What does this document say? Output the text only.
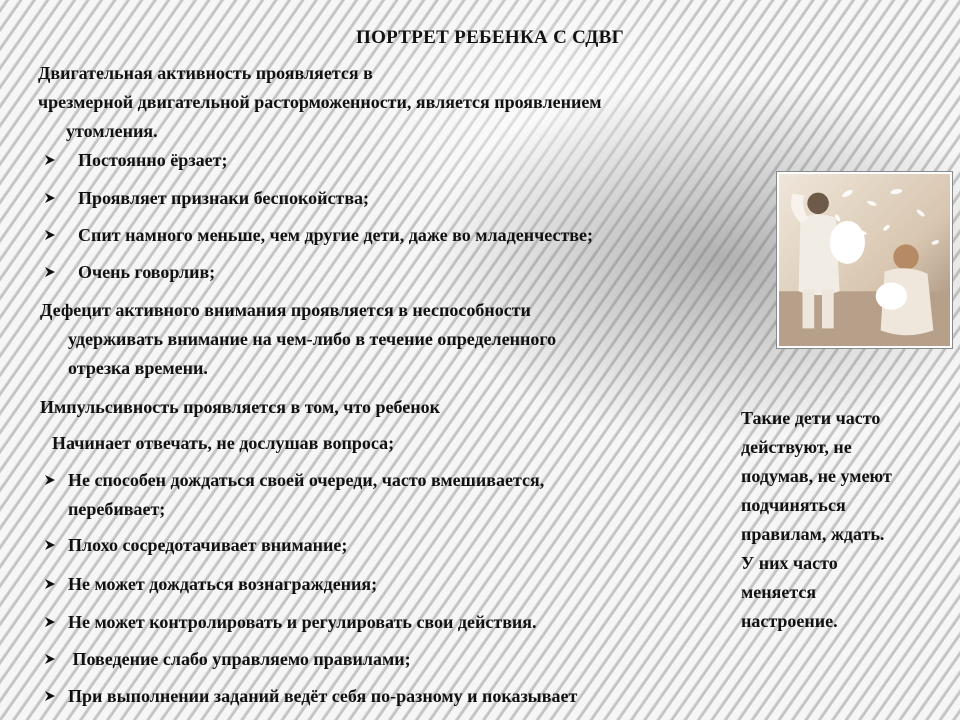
ПОРТРЕТ РЕБЕНКА С СДВГ
Двигательная активность проявляется в
чрезмерной двигательной расторможенности, является проявлением
утомления.
Постоянно ёрзает;
Проявляет признаки беспокойства;
Спит намного меньше, чем другие дети, даже во младенчестве;
Очень говорлив;
Дефецит активного внимания проявляется в неспособности
удерживать внимание на чем-либо в течение определенного
отрезка времени.
Импульсивность проявляется в том, что ребенок
Начинает отвечать, не дослушав вопроса;
Не способен дождаться своей очереди, часто вмешивается,
перебивает;
Плохо сосредотачивает внимание;
Не может дождаться вознаграждения;
Не может контролировать и регулировать свои действия.
Поведение слабо управляемо правилами;
При выполнении заданий ведёт себя по-разному и показывает
Такие дети часто
действуют, не
подумав, не умеют
подчиняться
правилам, ждать.
У них часто
меняется
настроение.
